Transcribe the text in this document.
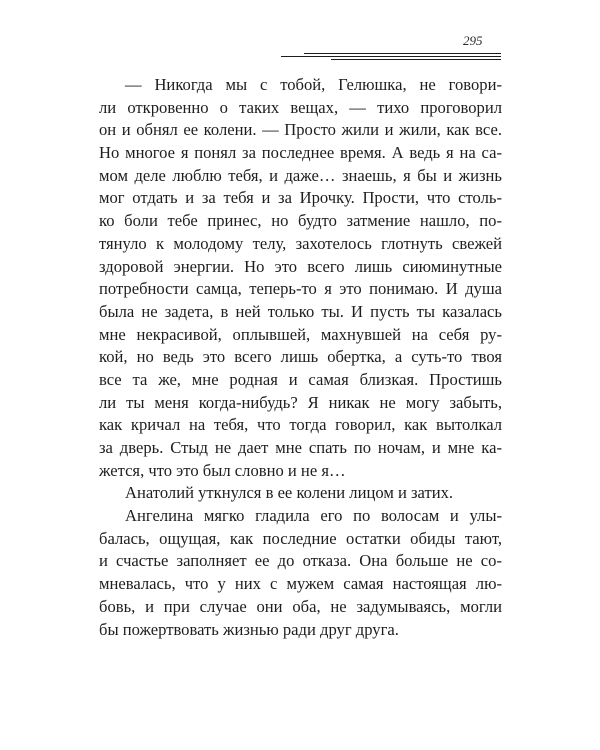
295
— Никогда мы с тобой, Гелюшка, не говори-
ли откровенно о таких вещах, — тихо проговорил
он и обнял ее колени. — Просто жили и жили, как все.
Но многое я понял за последнее время. А ведь я на са-
мом деле люблю тебя, и даже… знаешь, я бы и жизнь
мог отдать и за тебя и за Ирочку. Прости, что столь-
ко боли тебе принес, но будто затмение нашло, по-
тянуло к молодому телу, захотелось глотнуть свежей
здоровой энергии. Но это всего лишь сиюминутные
потребности самца, теперь-то я это понимаю. И душа
была не задета, в ней только ты. И пусть ты казалась
мне некрасивой, оплывшей, махнувшей на себя ру-
кой, но ведь это всего лишь обертка, а суть-то твоя
все та же, мне родная и самая близкая. Простишь
ли ты меня когда-нибудь? Я никак не могу забыть,
как кричал на тебя, что тогда говорил, как вытолкал
за дверь. Стыд не дает мне спать по ночам, и мне ка-
жется, что это был словно и не я…
Анатолий уткнулся в ее колени лицом и затих.
Ангелина мягко гладила его по волосам и улы-
балась, ощущая, как последние остатки обиды тают,
и счастье заполняет ее до отказа. Она больше не со-
мневалась, что у них с мужем самая настоящая лю-
бовь, и при случае они оба, не задумываясь, могли
бы пожертвовать жизнью ради друг друга.
